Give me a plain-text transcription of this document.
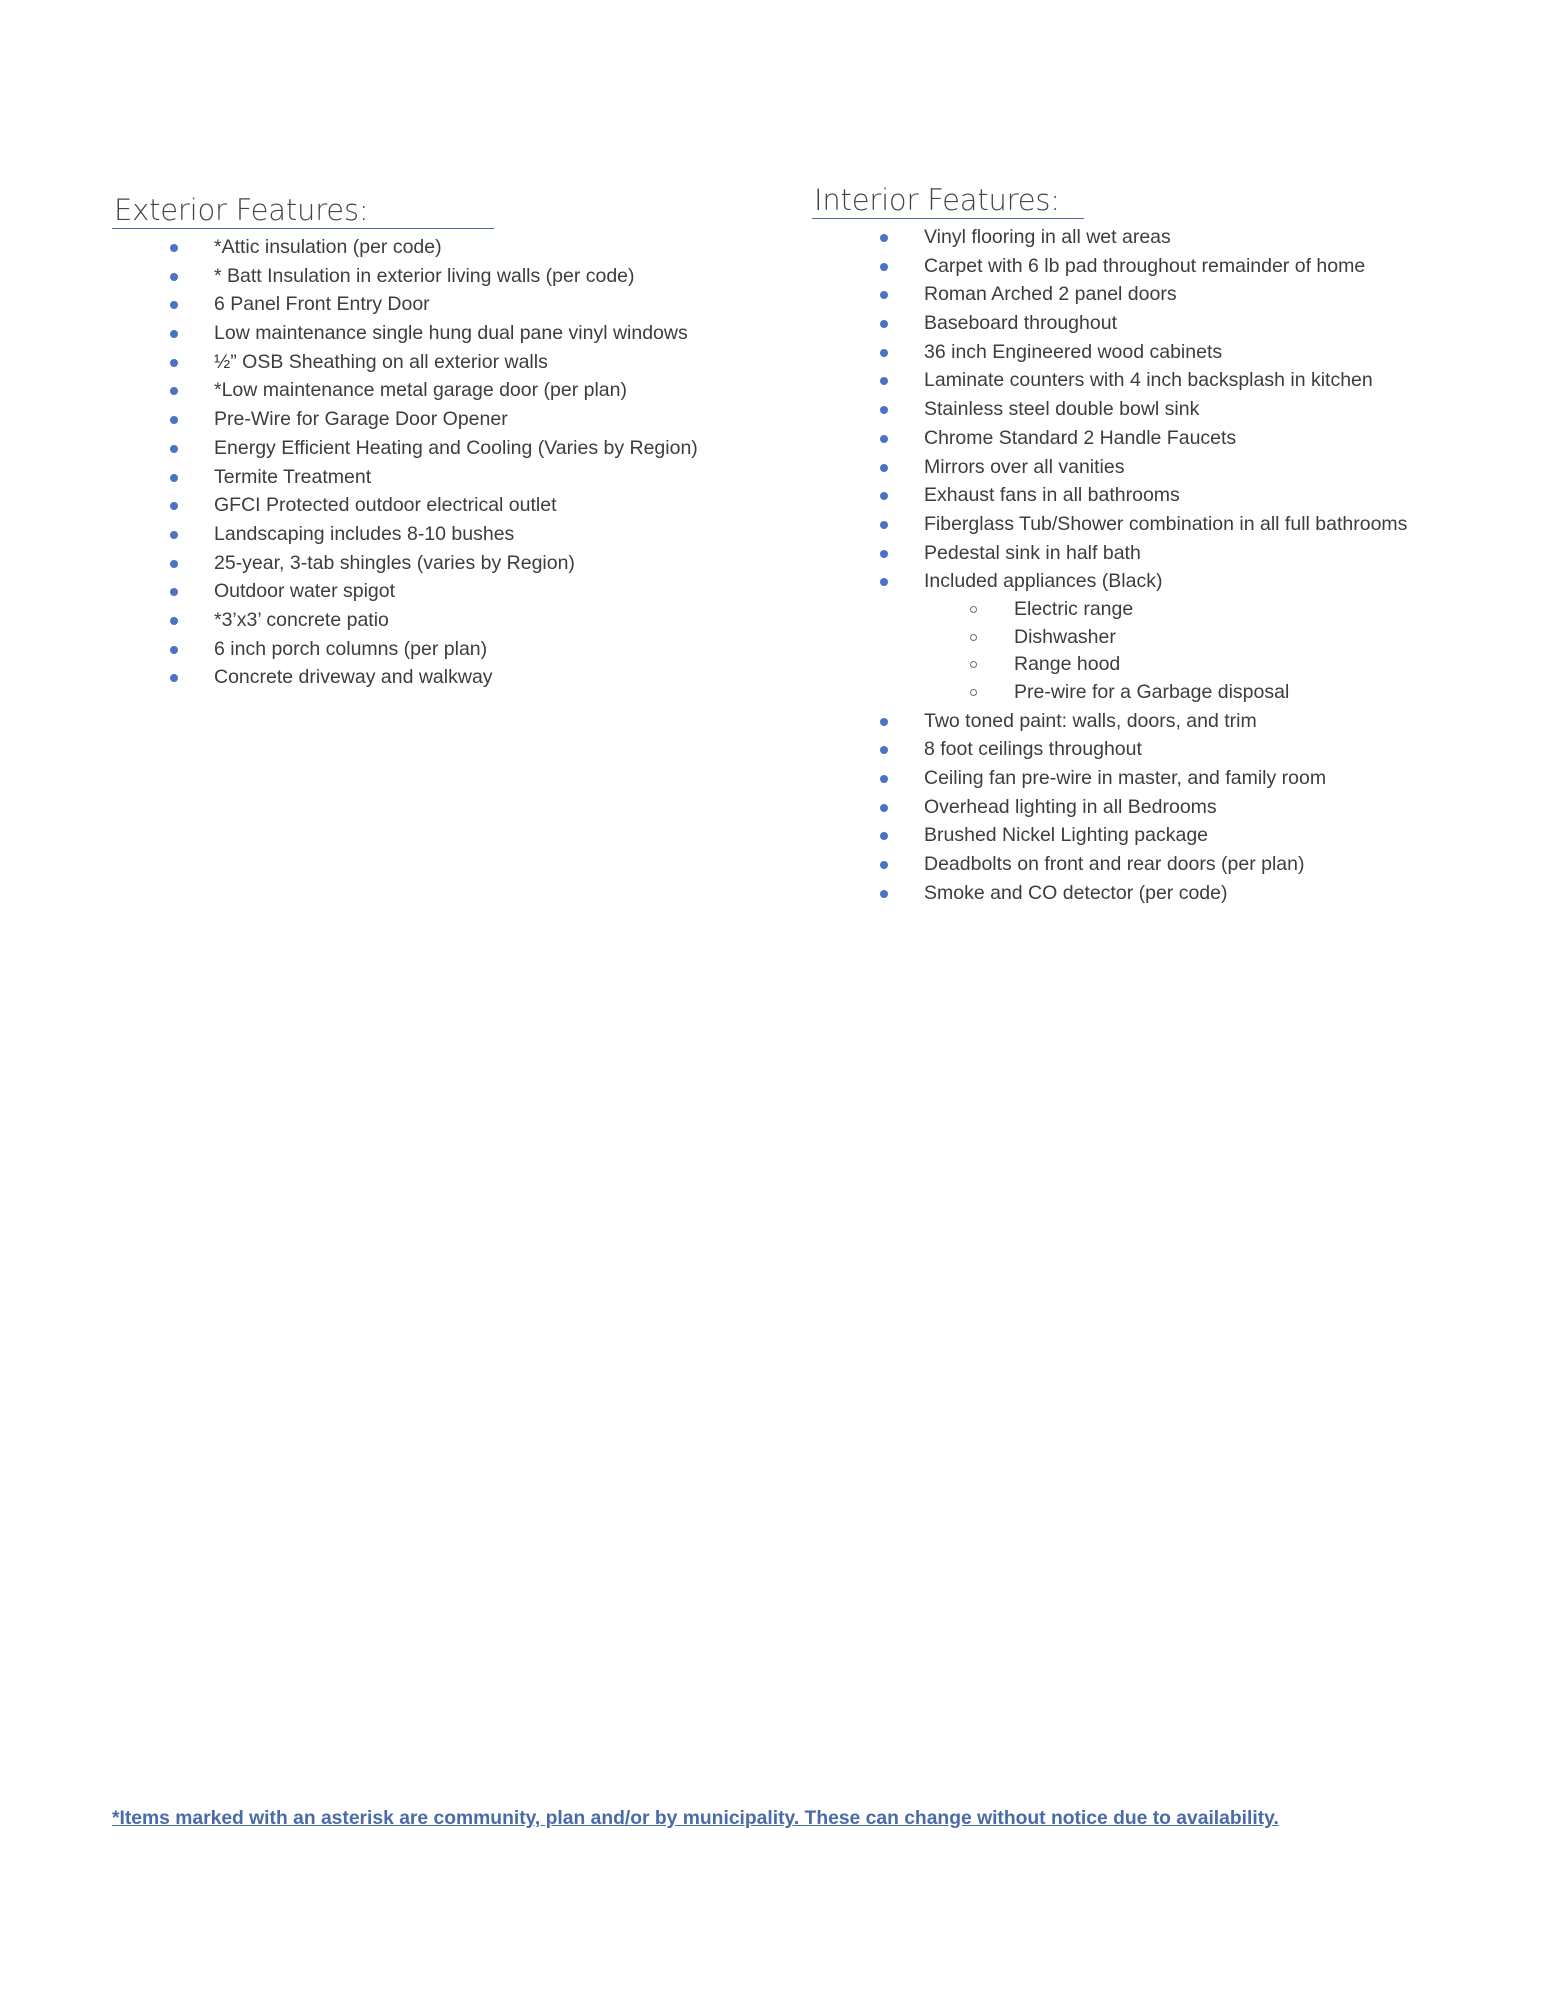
Exterior Features:
*Attic insulation (per code)
* Batt Insulation in exterior living walls (per code)
6 Panel Front Entry Door
Low maintenance single hung dual pane vinyl windows
½” OSB Sheathing on all exterior walls
*Low maintenance metal garage door (per plan)
Pre-Wire for Garage Door Opener
Energy Efficient Heating and Cooling (Varies by Region)
Termite Treatment
GFCI Protected outdoor electrical outlet
Landscaping includes 8-10 bushes
25-year, 3-tab shingles (varies by Region)
Outdoor water spigot
*3’x3’ concrete patio
6 inch porch columns (per plan)
Concrete driveway and walkway
Interior Features:
Vinyl flooring in all wet areas
Carpet with 6 lb pad throughout remainder of home
Roman Arched 2 panel doors
Baseboard throughout
36 inch Engineered wood cabinets
Laminate counters with 4 inch backsplash in kitchen
Stainless steel double bowl sink
Chrome Standard 2 Handle Faucets
Mirrors over all vanities
Exhaust fans in all bathrooms
Fiberglass Tub/Shower combination in all full bathrooms
Pedestal sink in half bath
Included appliances (Black)
Electric range
Dishwasher
Range hood
Pre-wire for a Garbage disposal
Two toned paint: walls, doors, and trim
8 foot ceilings throughout
Ceiling fan pre-wire in master, and family room
Overhead lighting in all Bedrooms
Brushed Nickel Lighting package
Deadbolts on front and rear doors (per plan)
Smoke and CO detector (per code)
*Items marked with an asterisk are community, plan and/or by municipality. These can change without notice due to availability.
